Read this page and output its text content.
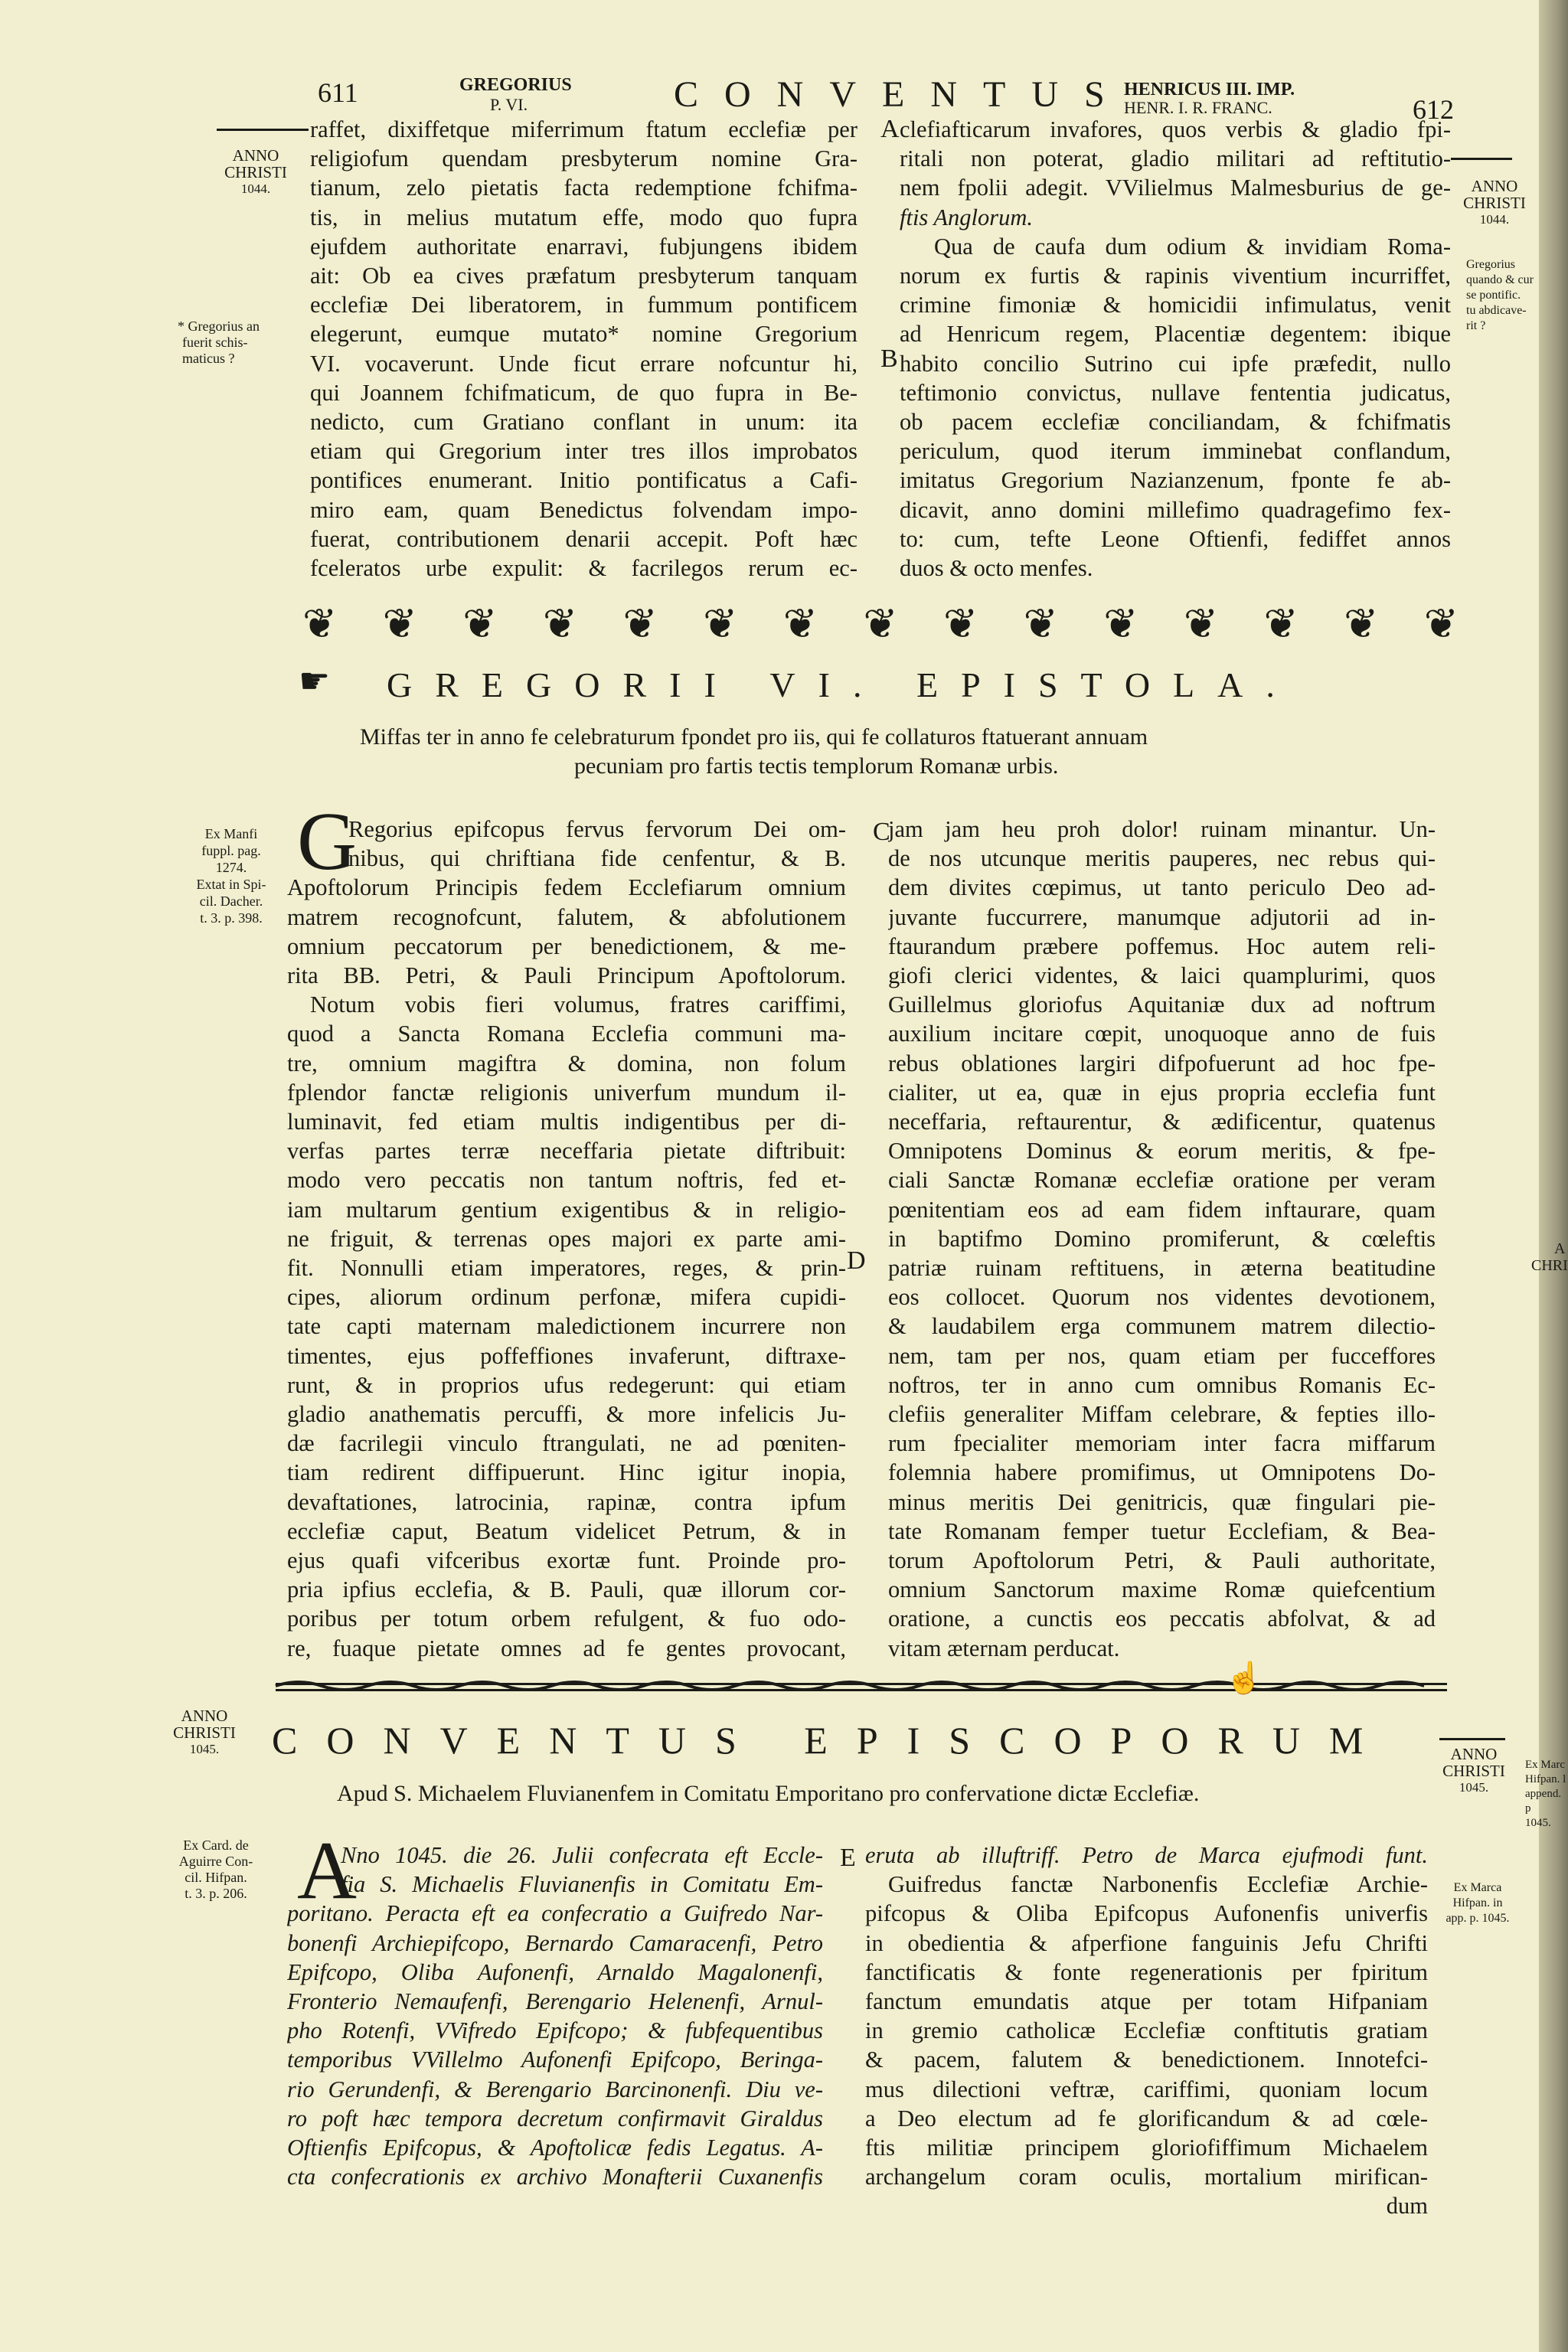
611	GREGORIUS
P. VI.	CONVENTUS
HENRICUS III. IMP.
HENR. I. R. FRANC.	612
ANNO
CHRISTI
1044.	ANNO
CHRISTI
1044.
* Gregorius an
fuerit schis-
maticus ?
Gregorius
quando & cur
se pontific.
tu abdicave-
rit ?
A
B
C
D
E
raffet, dixiffetque miferrimum ftatum ecclefiæ per
religiofum quendam presbyterum nomine Gra-
tianum, zelo pietatis facta redemptione fchifma-
tis, in melius mutatum effe, modo quo fupra
ejufdem authoritate enarravi, fubjungens ibidem
ait: Ob ea cives præfatum presbyterum tanquam
ecclefiæ Dei liberatorem, in fummum pontificem
elegerunt, eumque mutato* nomine Gregorium
VI. vocaverunt. Unde ficut errare nofcuntur hi,
qui Joannem fchifmaticum, de quo fupra in Be-
nedicto, cum Gratiano conflant in unum: ita
etiam qui Gregorium inter tres illos improbatos
pontifices enumerant. Initio pontificatus a Cafi-
miro eam, quam Benedictus folvendam impo-
fuerat, contributionem denarii accepit. Poft hæc
fceleratos urbe expulit: & facrilegos rerum ec-
clefiafticarum invafores, quos verbis & gladio fpi-
ritali non poterat, gladio militari ad reftitutio-
nem fpolii adegit. VVilielmus Malmesburius de ge-
ftis Anglorum.
Qua de caufa dum odium & invidiam Roma-
norum ex furtis & rapinis viventium incurriffet,
crimine fimoniæ & homicidii infimulatus, venit
ad Henricum regem, Placentiæ degentem: ibique
habito concilio Sutrino cui ipfe præfedit, nullo
teftimonio convictus, nullave fententia judicatus,
ob pacem ecclefiæ conciliandam, & fchifmatis
periculum, quod iterum imminebat conflandum,
imitatus Gregorium Nazianzenum, fponte fe ab-
dicavit, anno domini millefimo quadragefimo fex-
to: cum, tefte Leone Oftienfi, fediffet annos
duos & octo menfes.
❦ ❦ ❦ ❦ ❦ ❦ ❦ ❦ ❦ ❦ ❦ ❦ ❦ ❦ ❦
☛ GREGORII VI. EPISTOLA.
Miffas ter in anno fe celebraturum fpondet pro iis, qui fe collaturos ftatuerant annuam
pecuniam pro fartis tectis templorum Romanæ urbis.
Ex Manfi
fuppl. pag.
1274.
Extat in Spi-
cil. Dacher.
t. 3. p. 398.
G
Regorius epifcopus fervus fervorum Dei om-
nibus, qui chriftiana fide cenfentur, & B.
Apoftolorum Principis fedem Ecclefiarum omnium
matrem recognofcunt, falutem, & abfolutionem
omnium peccatorum per benedictionem, & me-
rita BB. Petri, & Pauli Principum Apoftolorum.
Notum vobis fieri volumus, fratres cariffimi,
quod a Sancta Romana Ecclefia communi ma-
tre, omnium magiftra & domina, non folum
fplendor fanctæ religionis univerfum mundum il-
luminavit, fed etiam multis indigentibus per di-
verfas partes terræ neceffaria pietate diftribuit:
modo vero peccatis non tantum noftris, fed et-
iam multarum gentium exigentibus & in religio-
ne friguit, & terrenas opes majori ex parte ami-
fit. Nonnulli etiam imperatores, reges, & prin-
cipes, aliorum ordinum perfonæ, mifera cupidi-
tate capti maternam maledictionem incurrere non
timentes, ejus poffeffiones invaferunt, diftraxe-
runt, & in proprios ufus redegerunt: qui etiam
gladio anathematis percuffi, & more infelicis Ju-
dæ facrilegii vinculo ftrangulati, ne ad pœniten-
tiam redirent diffipuerunt. Hinc igitur inopia,
devaftationes, latrocinia, rapinæ, contra ipfum
ecclefiæ caput, Beatum videlicet Petrum, & in
ejus quafi vifceribus exortæ funt. Proinde pro-
pria ipfius ecclefia, & B. Pauli, quæ illorum cor-
poribus per totum orbem refulgent, & fuo odo-
re, fuaque pietate omnes ad fe gentes provocant,
jam jam heu proh dolor! ruinam minantur. Un-
de nos utcunque meritis pauperes, nec rebus qui-
dem divites cœpimus, ut tanto periculo Deo ad-
juvante fuccurrere, manumque adjutorii ad in-
ftaurandum præbere poffemus. Hoc autem reli-
giofi clerici videntes, & laici quamplurimi, quos
Guillelmus gloriofus Aquitaniæ dux ad noftrum
auxilium incitare cœpit, unoquoque anno de fuis
rebus oblationes largiri difpofuerunt ad hoc fpe-
cialiter, ut ea, quæ in ejus propria ecclefia funt
neceffaria, reftaurentur, & ædificentur, quatenus
Omnipotens Dominus & eorum meritis, & fpe-
ciali Sanctæ Romanæ ecclefiæ oratione per veram
pœnitentiam eos ad eam fidem inftaurare, quam
in baptifmo Domino promiferunt, & cœleftis
patriæ ruinam reftituens, in æterna beatitudine
eos collocet. Quorum nos videntes devotionem,
& laudabilem erga communem matrem dilectio-
nem, tam per nos, quam etiam per fucceffores
noftros, ter in anno cum omnibus Romanis Ec-
clefiis generaliter Miffam celebrare, & fepties illo-
rum fpecialiter memoriam inter facra miffarum
folemnia habere promifimus, ut Omnipotens Do-
minus meritis Dei genitricis, quæ fingulari pie-
tate Romanam femper tuetur Ecclefiam, & Bea-
torum Apoftolorum Petri, & Pauli authoritate,
omnium Sanctorum maxime Romæ quiefcentium
oratione, a cunctis eos peccatis abfolvat, & ad
vitam æternam perducat.
A
CHRI
☝
ANNO
CHRISTI
1045.	ANNO
CHRISTI
1045.
Ex Marc
Hifpan. l
append. p
1045.
CONVENTUS EPISCOPORUM
Apud S. Michaelem Fluvianenfem in Comitatu Emporitano pro confervatione dictæ Ecclefiæ.
Ex Card. de
Aguirre Con-
cil. Hifpan.
t. 3. p. 206.	Ex Marca
Hifpan. in
app. p. 1045.
A
Nno 1045. die 26. Julii confecrata eft Eccle-
fia S. Michaelis Fluvianenfis in Comitatu Em-
poritano. Peracta eft ea confecratio a Guifredo Nar-
bonenfi Archiepifcopo, Bernardo Camaracenfi, Petro
Epifcopo, Oliba Aufonenfi, Arnaldo Magalonenfi,
Fronterio Nemaufenfi, Berengario Helenenfi, Arnul-
pho Rotenfi, VVifredo Epifcopo; & fubfequentibus
temporibus VVillelmo Aufonenfi Epifcopo, Beringa-
rio Gerundenfi, & Berengario Barcinonenfi. Diu ve-
ro poft hæc tempora decretum confirmavit Giraldus
Oftienfis Epifcopus, & Apoftolicæ fedis Legatus. A-
cta confecrationis ex archivo Monafterii Cuxanenfis
eruta ab illuftriff. Petro de Marca ejufmodi funt.
Guifredus fanctæ Narbonenfis Ecclefiæ Archie-
pifcopus & Oliba Epifcopus Aufonenfis univerfis
in obedientia & afperfione fanguinis Jefu Chrifti
fanctificatis & fonte regenerationis per fpiritum
fanctum emundatis atque per totam Hifpaniam
in gremio catholicæ Ecclefiæ conftitutis gratiam
& pacem, falutem & benedictionem. Innotefci-
mus dilectioni veftræ, cariffimi, quoniam locum
a Deo electum ad fe glorificandum & ad cœle-
ftis militiæ principem gloriofiffimum Michaelem
archangelum coram oculis, mortalium mirifican-
dum
